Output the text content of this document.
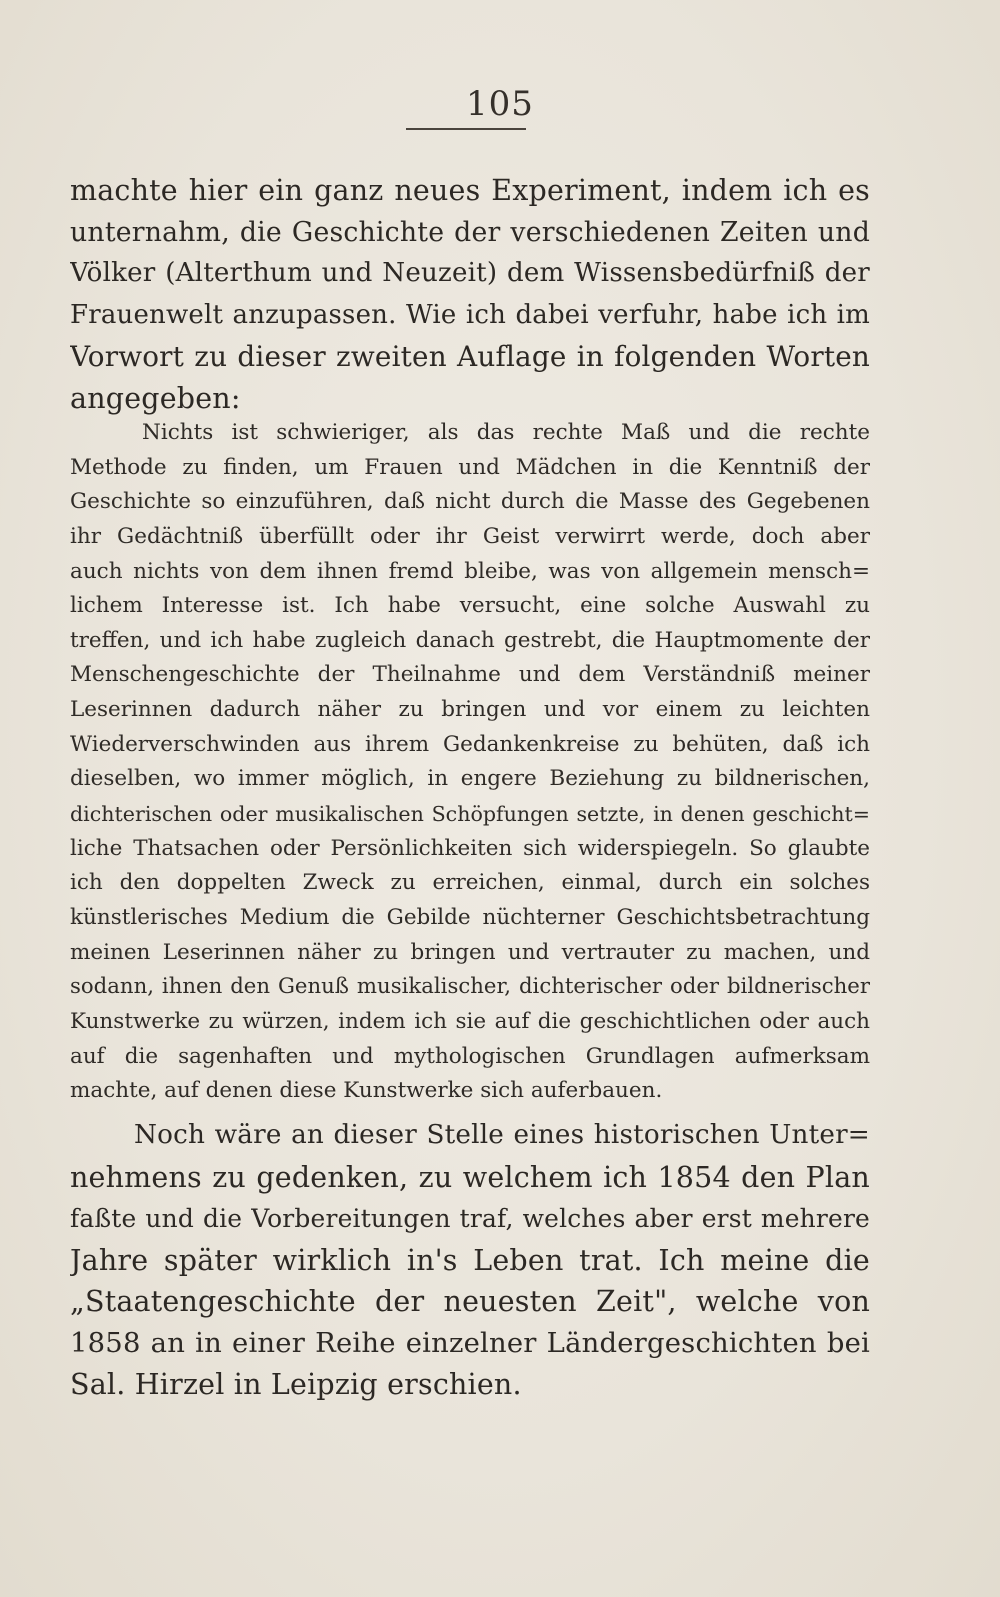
105
machte hier ein ganz neues Experiment, indem ich es
unternahm, die Geschichte der verschiedenen Zeiten und
Völker (Alterthum und Neuzeit) dem Wissensbedürfniß der
Frauenwelt anzupassen. Wie ich dabei verfuhr, habe ich im
Vorwort zu dieser zweiten Auflage in folgenden Worten
angegeben:
Nichts ist schwieriger, als das rechte Maß und die rechte
Methode zu finden, um Frauen und Mädchen in die Kenntniß der
Geschichte so einzuführen, daß nicht durch die Masse des Gegebenen
ihr Gedächtniß überfüllt oder ihr Geist verwirrt werde, doch aber
auch nichts von dem ihnen fremd bleibe, was von allgemein mensch=
lichem Interesse ist. Ich habe versucht, eine solche Auswahl zu
treffen, und ich habe zugleich danach gestrebt, die Hauptmomente der
Menschengeschichte der Theilnahme und dem Verständniß meiner
Leserinnen dadurch näher zu bringen und vor einem zu leichten
Wiederverschwinden aus ihrem Gedankenkreise zu behüten, daß ich
dieselben, wo immer möglich, in engere Beziehung zu bildnerischen,
dichterischen oder musikalischen Schöpfungen setzte, in denen geschicht=
liche Thatsachen oder Persönlichkeiten sich widerspiegeln. So glaubte
ich den doppelten Zweck zu erreichen, einmal, durch ein solches
künstlerisches Medium die Gebilde nüchterner Geschichtsbetrachtung
meinen Leserinnen näher zu bringen und vertrauter zu machen, und
sodann, ihnen den Genuß musikalischer, dichterischer oder bildnerischer
Kunstwerke zu würzen, indem ich sie auf die geschichtlichen oder auch
auf die sagenhaften und mythologischen Grundlagen aufmerksam
machte, auf denen diese Kunstwerke sich auferbauen.
Noch wäre an dieser Stelle eines historischen Unter=
nehmens zu gedenken, zu welchem ich 1854 den Plan
faßte und die Vorbereitungen traf, welches aber erst mehrere
Jahre später wirklich in's Leben trat. Ich meine die
„Staatengeschichte der neuesten Zeit", welche von
1858 an in einer Reihe einzelner Ländergeschichten bei
Sal. Hirzel in Leipzig erschien.
